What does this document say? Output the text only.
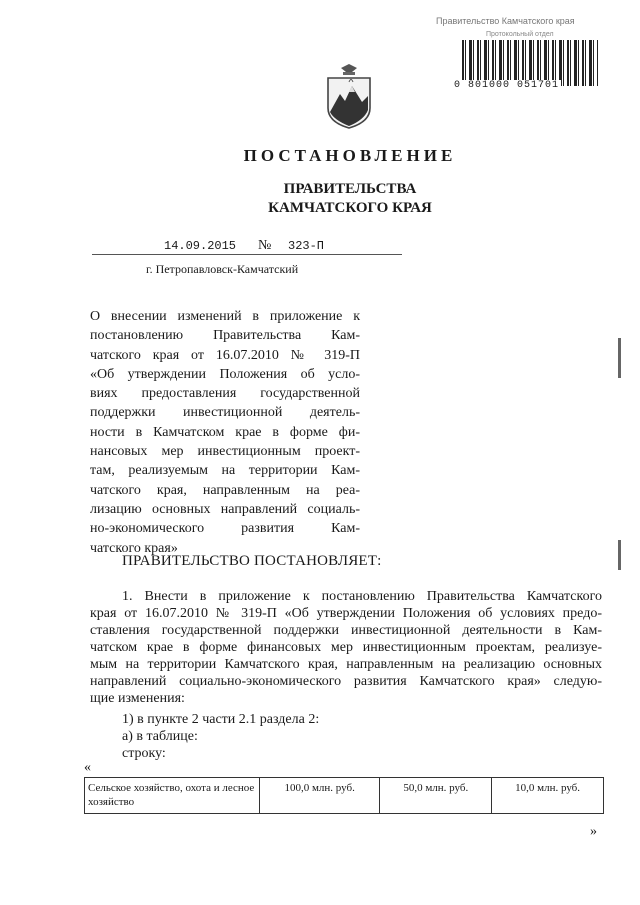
Правительство Камчатского края
Протокольный отдел
0 801000 051701
ПОСТАНОВЛЕНИЕ
ПРАВИТЕЛЬСТВА
КАМЧАТСКОГО КРАЯ
14.09.2015 № 323-П
г. Петропавловск-Камчатский
О внесении изменений в приложение к
постановлению Правительства Кам-
чатского края от 16.07.2010 № 319-П
«Об утверждении Положения об усло-
виях предоставления государственной
поддержки инвестиционной деятель-
ности в Камчатском крае в форме фи-
нансовых мер инвестиционным проект-
там, реализуемым на территории Кам-
чатского края, направленным на реа-
лизацию основных направлений социаль-
но-экономического развития Кам-
чатского края»
ПРАВИТЕЛЬСТВО ПОСТАНОВЛЯЕТ:
1. Внести в приложение к постановлению Правительства Камчатского
края от 16.07.2010 № 319-П «Об утверждении Положения об условиях предо-
ставления государственной поддержки инвестиционной деятельности в Кам-
чатском крае в форме финансовых мер инвестиционным проектам, реализуе-
мым на территории Камчатского края, направленным на реализацию основных
направлений социально-экономического развития Камчатского края» следую-
щие изменения:
1) в пункте 2 части 2.1 раздела 2:
а) в таблице:
строку:
«
Сельское хозяйство, охота и лесное хозяйство	100,0 млн. руб.	50,0 млн. руб.	10,0 млн. руб.
»
